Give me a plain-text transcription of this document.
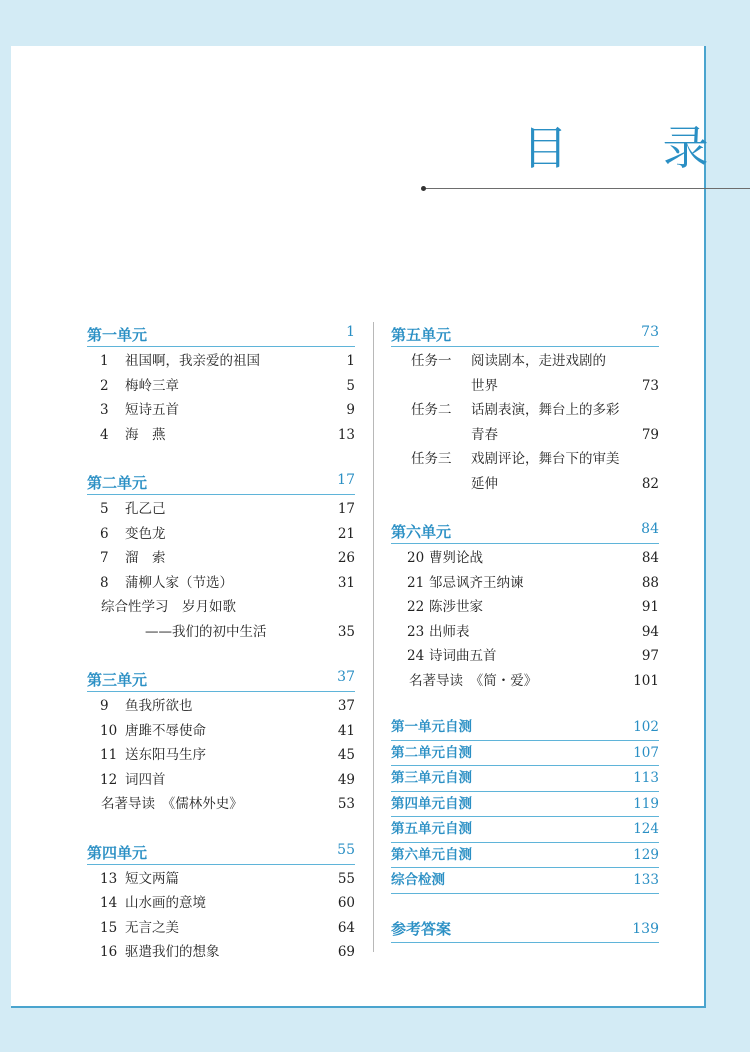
目 录
第一单元	1
1 祖国啊，我亲爱的祖国	1
2 梅岭三章	5
3 短诗五首	9
4 海　燕	13
第二单元	17
5 孔乙己	17
6 变色龙	21
7 溜　索	26
8 蒲柳人家（节选）	31
综合性学习　岁月如歌
——我们的初中生活	35
第三单元	37
9 鱼我所欲也	37
10 唐雎不辱使命	41
11 送东阳马生序	45
12 词四首	49
名著导读　《儒林外史》	53
第四单元	55
13 短文两篇	55
14 山水画的意境	60
15 无言之美	64
16 驱遣我们的想象	69
第五单元	73
任务一 阅读剧本，走进戏剧的
世界	73
任务二 话剧表演，舞台上的多彩
青春	79
任务三 戏剧评论，舞台下的审美
延伸	82
第六单元	84
20 曹刿论战	84
21 邹忌讽齐王纳谏	88
22 陈涉世家	91
23 出师表	94
24 诗词曲五首	97
名著导读　《简・爱》	101
第一单元自测	102
第二单元自测	107
第三单元自测	113
第四单元自测	119
第五单元自测	124
第六单元自测	129
综合检测	133
参考答案	139
